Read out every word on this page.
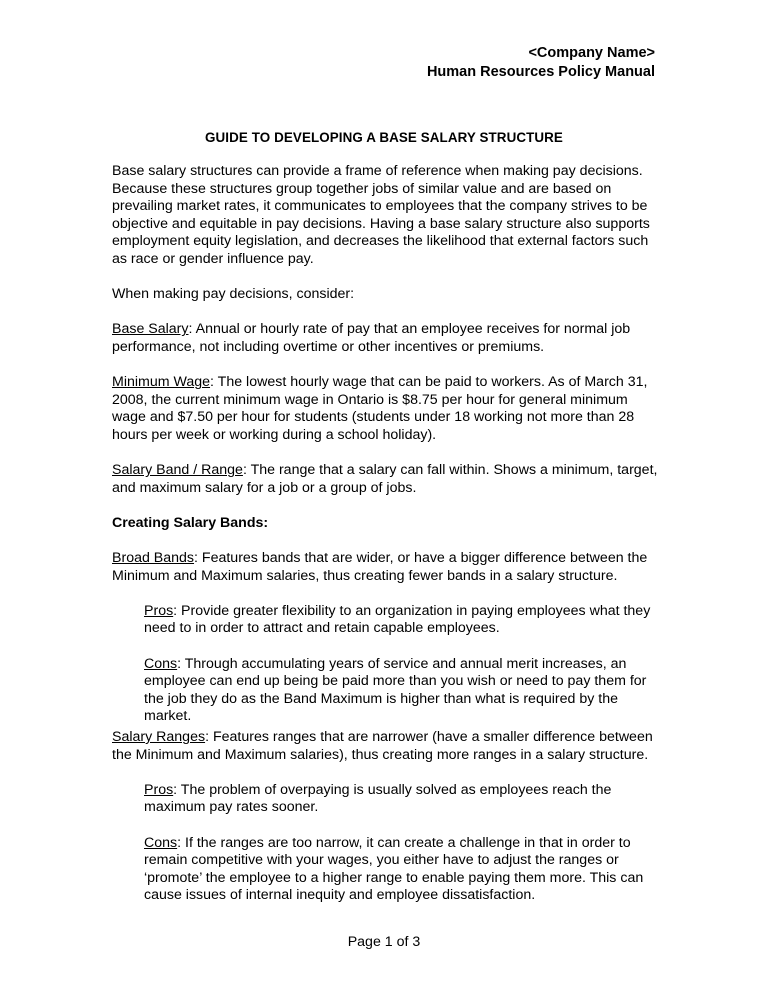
<Company Name>
Human Resources Policy Manual
GUIDE TO DEVELOPING A BASE SALARY STRUCTURE

Base salary structures can provide a frame of reference when making pay decisions. Because these structures group together jobs of similar value and are based on prevailing market rates, it communicates to employees that the company strives to be objective and equitable in pay decisions. Having a base salary structure also supports employment equity legislation, and decreases the likelihood that external factors such as race or gender influence pay.

When making pay decisions, consider:

Base Salary: Annual or hourly rate of pay that an employee receives for normal job performance, not including overtime or other incentives or premiums.

Minimum Wage: The lowest hourly wage that can be paid to workers. As of March 31, 2008, the current minimum wage in Ontario is $8.75 per hour for general minimum wage and $7.50 per hour for students (students under 18 working not more than 28 hours per week or working during a school holiday).

Salary Band / Range: The range that a salary can fall within. Shows a minimum, target, and maximum salary for a job or a group of jobs.

Creating Salary Bands:

Broad Bands: Features bands that are wider, or have a bigger difference between the Minimum and Maximum salaries, thus creating fewer bands in a salary structure.

Pros: Provide greater flexibility to an organization in paying employees what they need to in order to attract and retain capable employees.

Cons: Through accumulating years of service and annual merit increases, an employee can end up being be paid more than you wish or need to pay them for the job they do as the Band Maximum is higher than what is required by the market.

Salary Ranges: Features ranges that are narrower (have a smaller difference between the Minimum and Maximum salaries), thus creating more ranges in a salary structure.

Pros: The problem of overpaying is usually solved as employees reach the maximum pay rates sooner.

Cons: If the ranges are too narrow, it can create a challenge in that in order to remain competitive with your wages, you either have to adjust the ranges or ‘promote’ the employee to a higher range to enable paying them more. This can cause issues of internal inequity and employee dissatisfaction.

Page 1 of 3
